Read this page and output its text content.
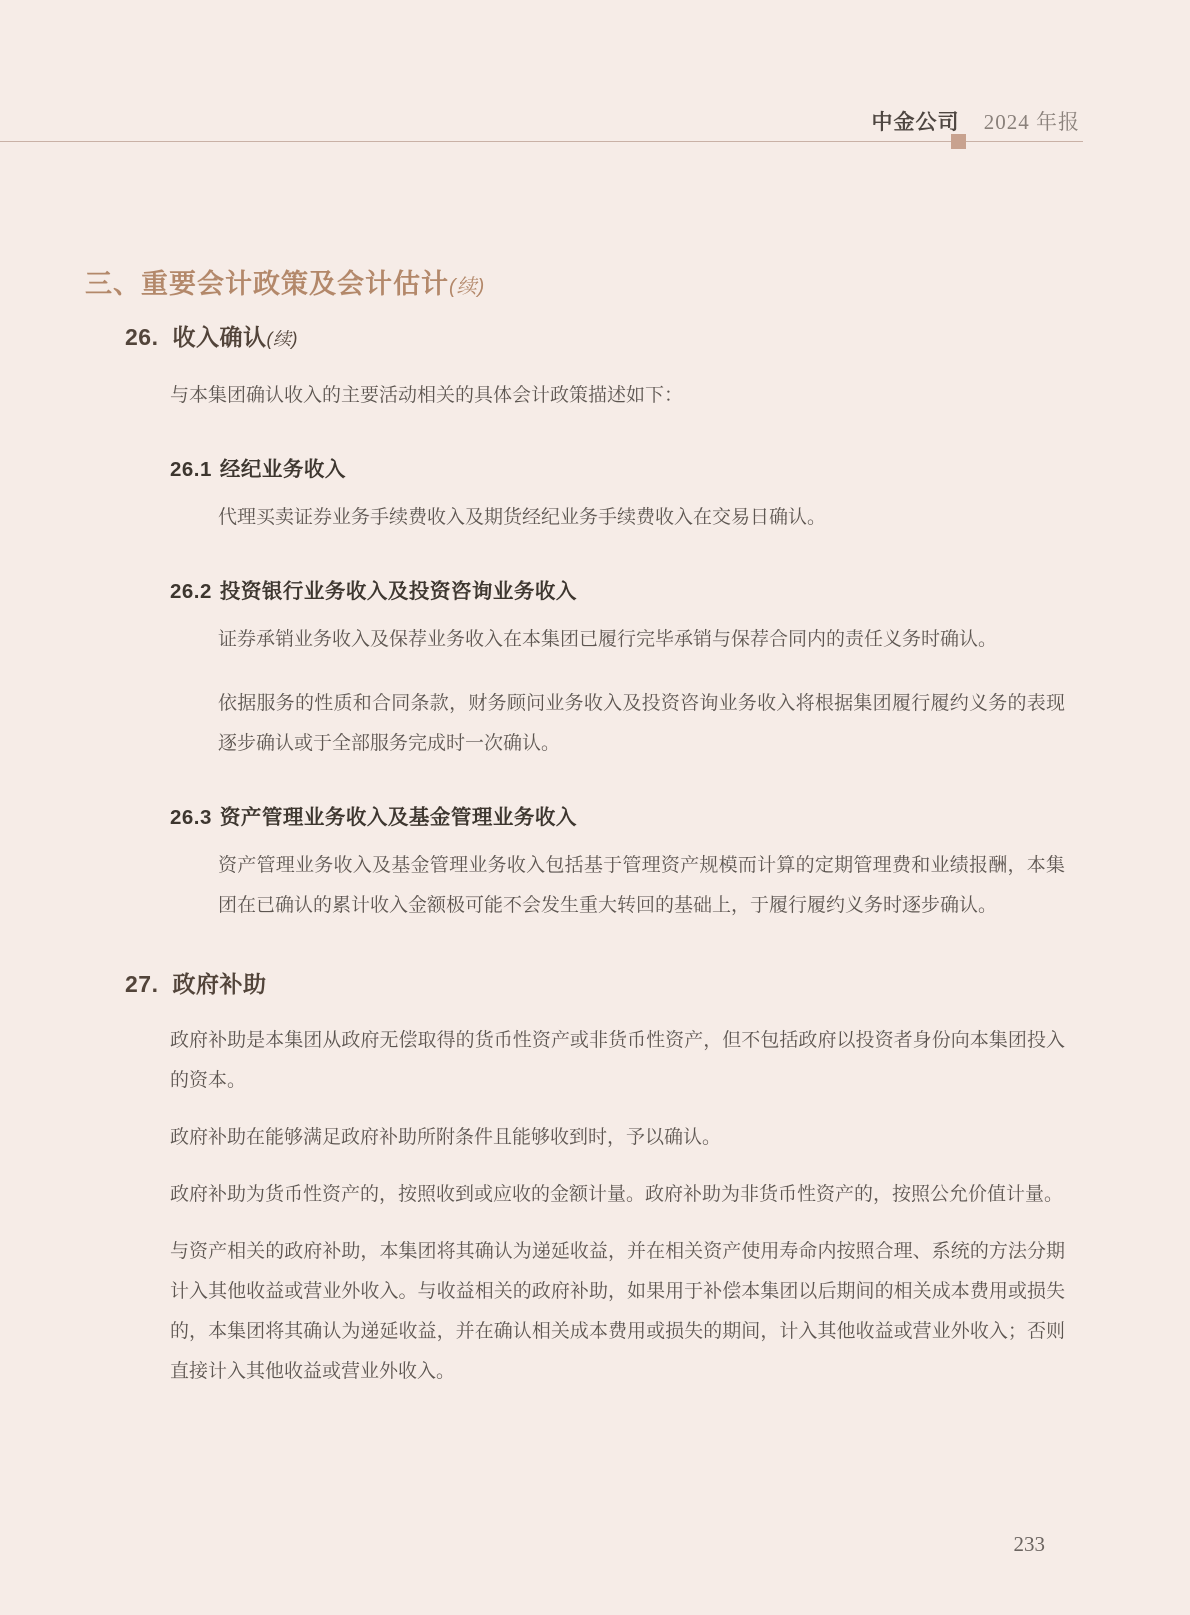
中金公司 2024 年报
三、重要会计政策及会计估计(续)
26. 收入确认(续)

与本集团确认收入的主要活动相关的具体会计政策描述如下：

26.1 经纪业务收入

代理买卖证券业务手续费收入及期货经纪业务手续费收入在交易日确认。

26.2 投资银行业务收入及投资咨询业务收入

证券承销业务收入及保荐业务收入在本集团已履行完毕承销与保荐合同内的责任义务时确认。

依据服务的性质和合同条款，财务顾问业务收入及投资咨询业务收入将根据集团履行履约义务的表现逐步确认或于全部服务完成时一次确认。

26.3 资产管理业务收入及基金管理业务收入

资产管理业务收入及基金管理业务收入包括基于管理资产规模而计算的定期管理费和业绩报酬，本集团在已确认的累计收入金额极可能不会发生重大转回的基础上，于履行履约义务时逐步确认。

27. 政府补助

政府补助是本集团从政府无偿取得的货币性资产或非货币性资产，但不包括政府以投资者身份向本集团投入的资本。

政府补助在能够满足政府补助所附条件且能够收到时，予以确认。

政府补助为货币性资产的，按照收到或应收的金额计量。政府补助为非货币性资产的，按照公允价值计量。

与资产相关的政府补助，本集团将其确认为递延收益，并在相关资产使用寿命内按照合理、系统的方法分期计入其他收益或营业外收入。与收益相关的政府补助，如果用于补偿本集团以后期间的相关成本费用或损失的，本集团将其确认为递延收益，并在确认相关成本费用或损失的期间，计入其他收益或营业外收入；否则直接计入其他收益或营业外收入。

233
